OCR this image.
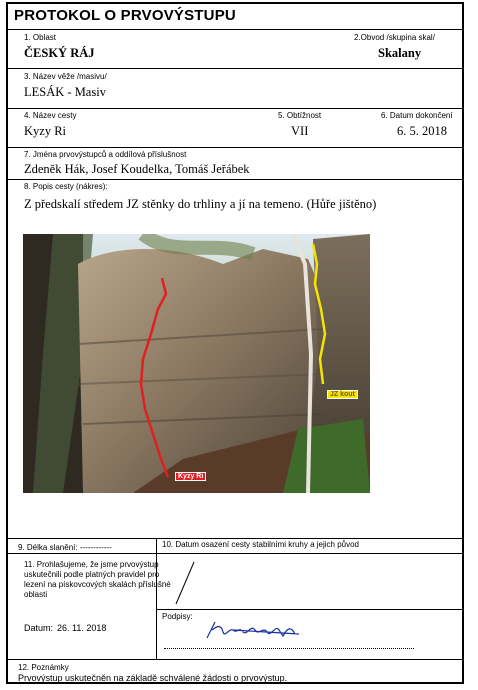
PROTOKOL O PRVOVÝSTUPU
1. Oblast
ČESKÝ RÁJ
2.Obvod /skupina skal/
Skalany
3. Název věže /masivu/
LESÁK - Masiv
4. Název cesty
Kyzy Ri
5. Obtížnost
VII
6. Datum dokončení
6. 5. 2018
7. Jména prvovýstupců a oddílová příslušnost
Zdeněk Hák, Josef Koudelka, Tomáš Jeřábek
8. Popis cesty (nákres):
Z předskalí středem JZ stěnky do trhliny a jí na temeno. (Hůře jištěno)
Kyzy Ri
JZ kout
9. Délka slanění: ------------	10. Datum osazení cesty stabilními kruhy a jejich původ
11. Prohlašujeme, že jsme prvovýstup uskutečnili podle platných pravidel pro lezení na pískovcových skalách příslušné oblasti
Datum: 26. 11. 2018
Podpisy:
12. Poznámky
Prvovýstup uskutečněn na základě schválené žádosti o prvovýstup.
